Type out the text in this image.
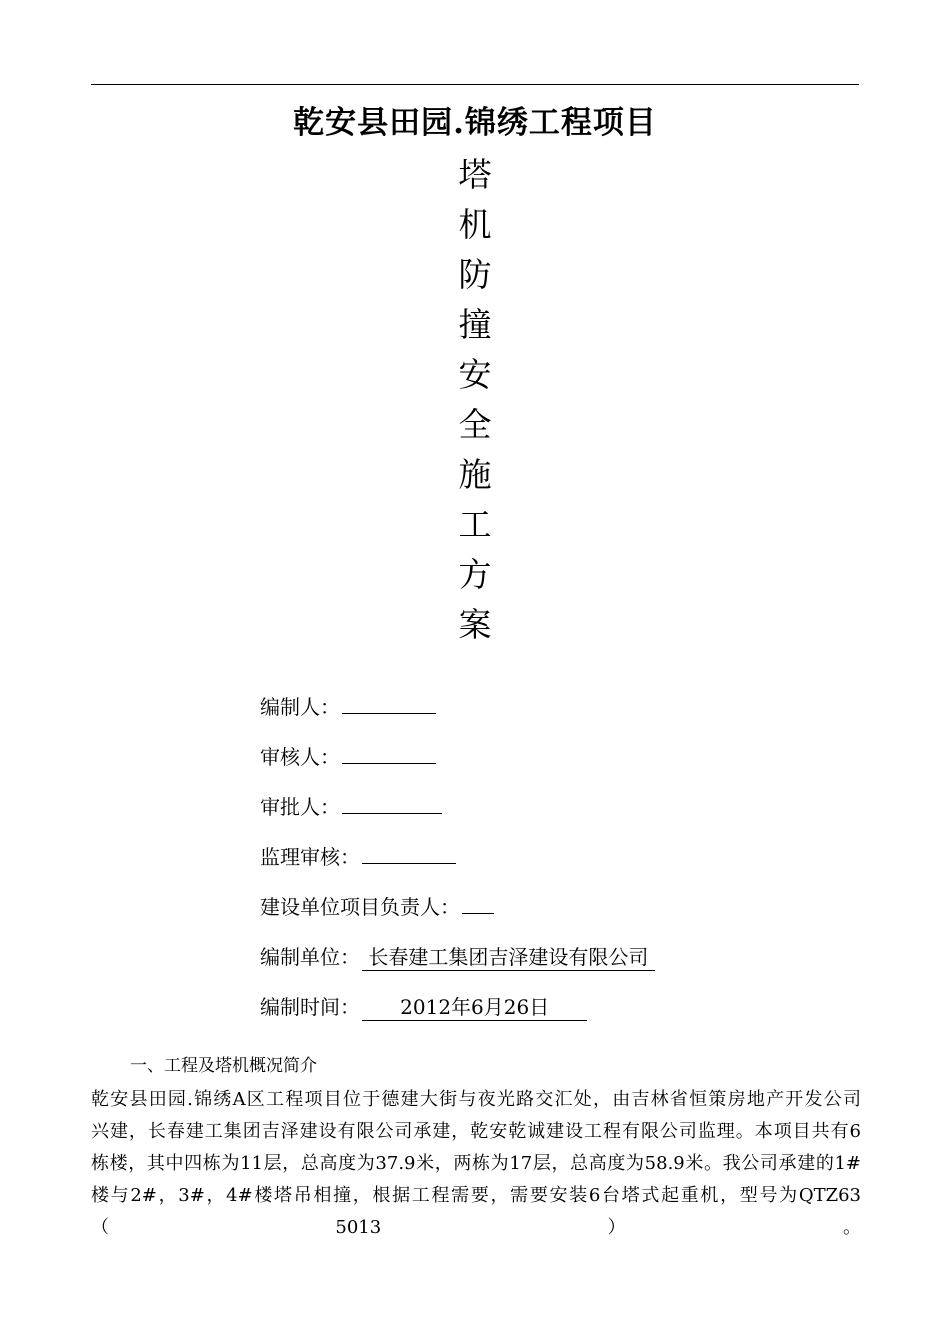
乾安县田园.锦绣工程项目
塔
机
防
撞
安
全
施
工
方
案
编制人：
审核人：
审批人：
监理审核：
建设单位项目负责人：
编制单位： 长春建工集团吉泽建设有限公司
编制时间：      2012年6月26日
一、工程及塔机概况简介
乾安县田园.锦绣A区工程项目位于德建大街与夜光路交汇处，由吉林省恒策房地产开发公司
兴建，长春建工集团吉泽建设有限公司承建，乾安乾诚建设工程有限公司监理。本项目共有6
栋楼，其中四栋为11层，总高度为37.9米，两栋为17层，总高度为58.9米。我公司承建的1#
楼与2#，3#，4#楼塔吊相撞，根据工程需要，需要安装6台塔式起重机，型号为QTZ63（5013）。
